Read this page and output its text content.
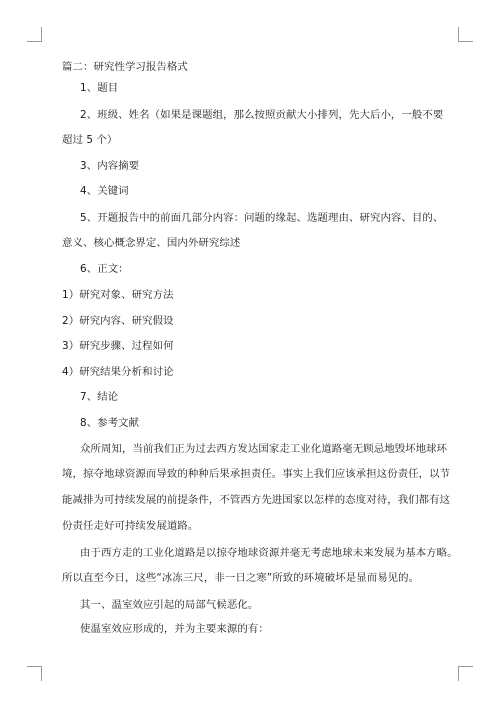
篇二：研究性学习报告格式
1、题目
2、班级、姓名（如果是课题组，那么按照贡献大小排列，先大后小，一般不要
超过 5 个）
3、内容摘要
4、关键词
5、开题报告中的前面几部分内容：问题的缘起、选题理由、研究内容、目的、
意义、核心概念界定、国内外研究综述
6、正文：
1）研究对象、研究方法
2）研究内容、研究假设
3）研究步骤、过程如何
4）研究结果分析和讨论
7、结论
8、参考文献
众所周知，当前我们正为过去西方发达国家走工业化道路毫无顾忌地毁坏地球环
境，掠夺地球资源而导致的种种后果承担责任。事实上我们应该承担这份责任，以节
能减排为可持续发展的前提条件，不管西方先进国家以怎样的态度对待，我们都有这
份责任走好可持续发展道路。
由于西方走的工业化道路是以掠夺地球资源并毫无考虑地球未来发展为基本方略。
所以直至今日，这些“冰冻三尺，非一日之寒”所致的环境破坏是显而易见的。
其一、温室效应引起的局部气候恶化。
使温室效应形成的，并为主要来源的有：
